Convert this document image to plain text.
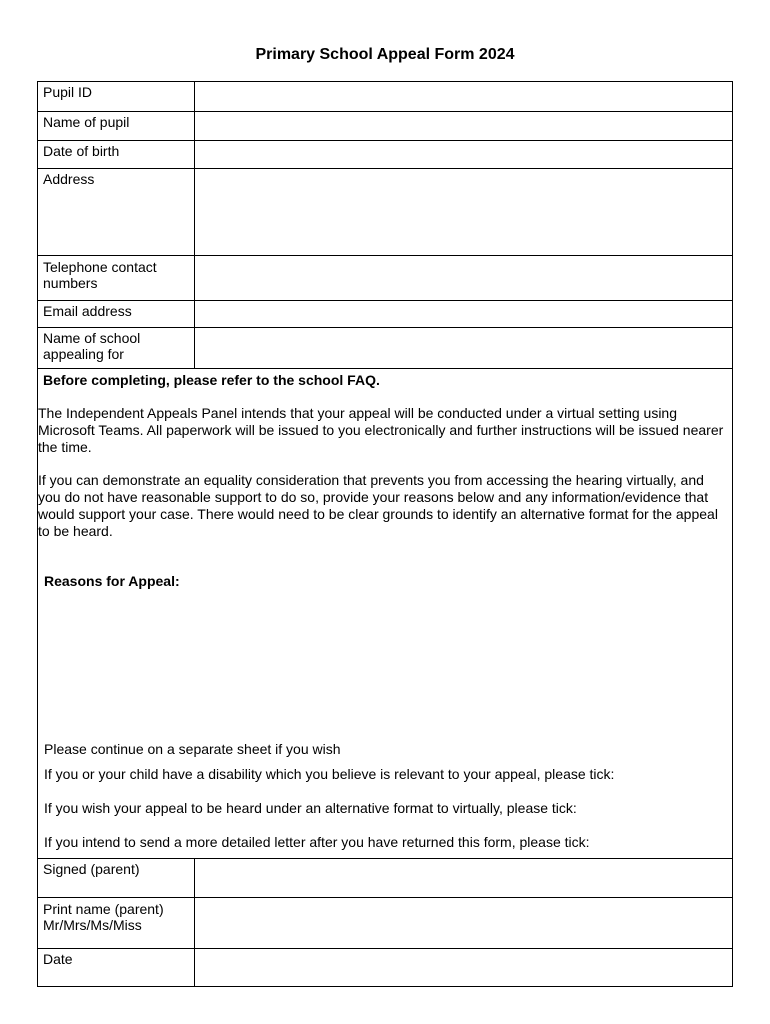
Primary School Appeal Form 2024
Pupil ID
Name of pupil
Date of birth
Address
Telephone contact numbers
Email address
Name of school appealing for
Before completing, please refer to the school FAQ.
The Independent Appeals Panel intends that your appeal will be conducted under a virtual setting using Microsoft Teams. All paperwork will be issued to you electronically and further instructions will be issued nearer the time.
If you can demonstrate an equality consideration that prevents you from accessing the hearing virtually, and you do not have reasonable support to do so, provide your reasons below and any information/evidence that would support your case. There would need to be clear grounds to identify an alternative format for the appeal to be heard.
Reasons for Appeal:
Please continue on a separate sheet if you wish
If you or your child have a disability which you believe is relevant to your appeal, please tick:
If you wish your appeal to be heard under an alternative format to virtually, please tick:
If you intend to send a more detailed letter after you have returned this form, please tick:
Signed (parent)
Print name (parent) Mr/Mrs/Ms/Miss
Date
